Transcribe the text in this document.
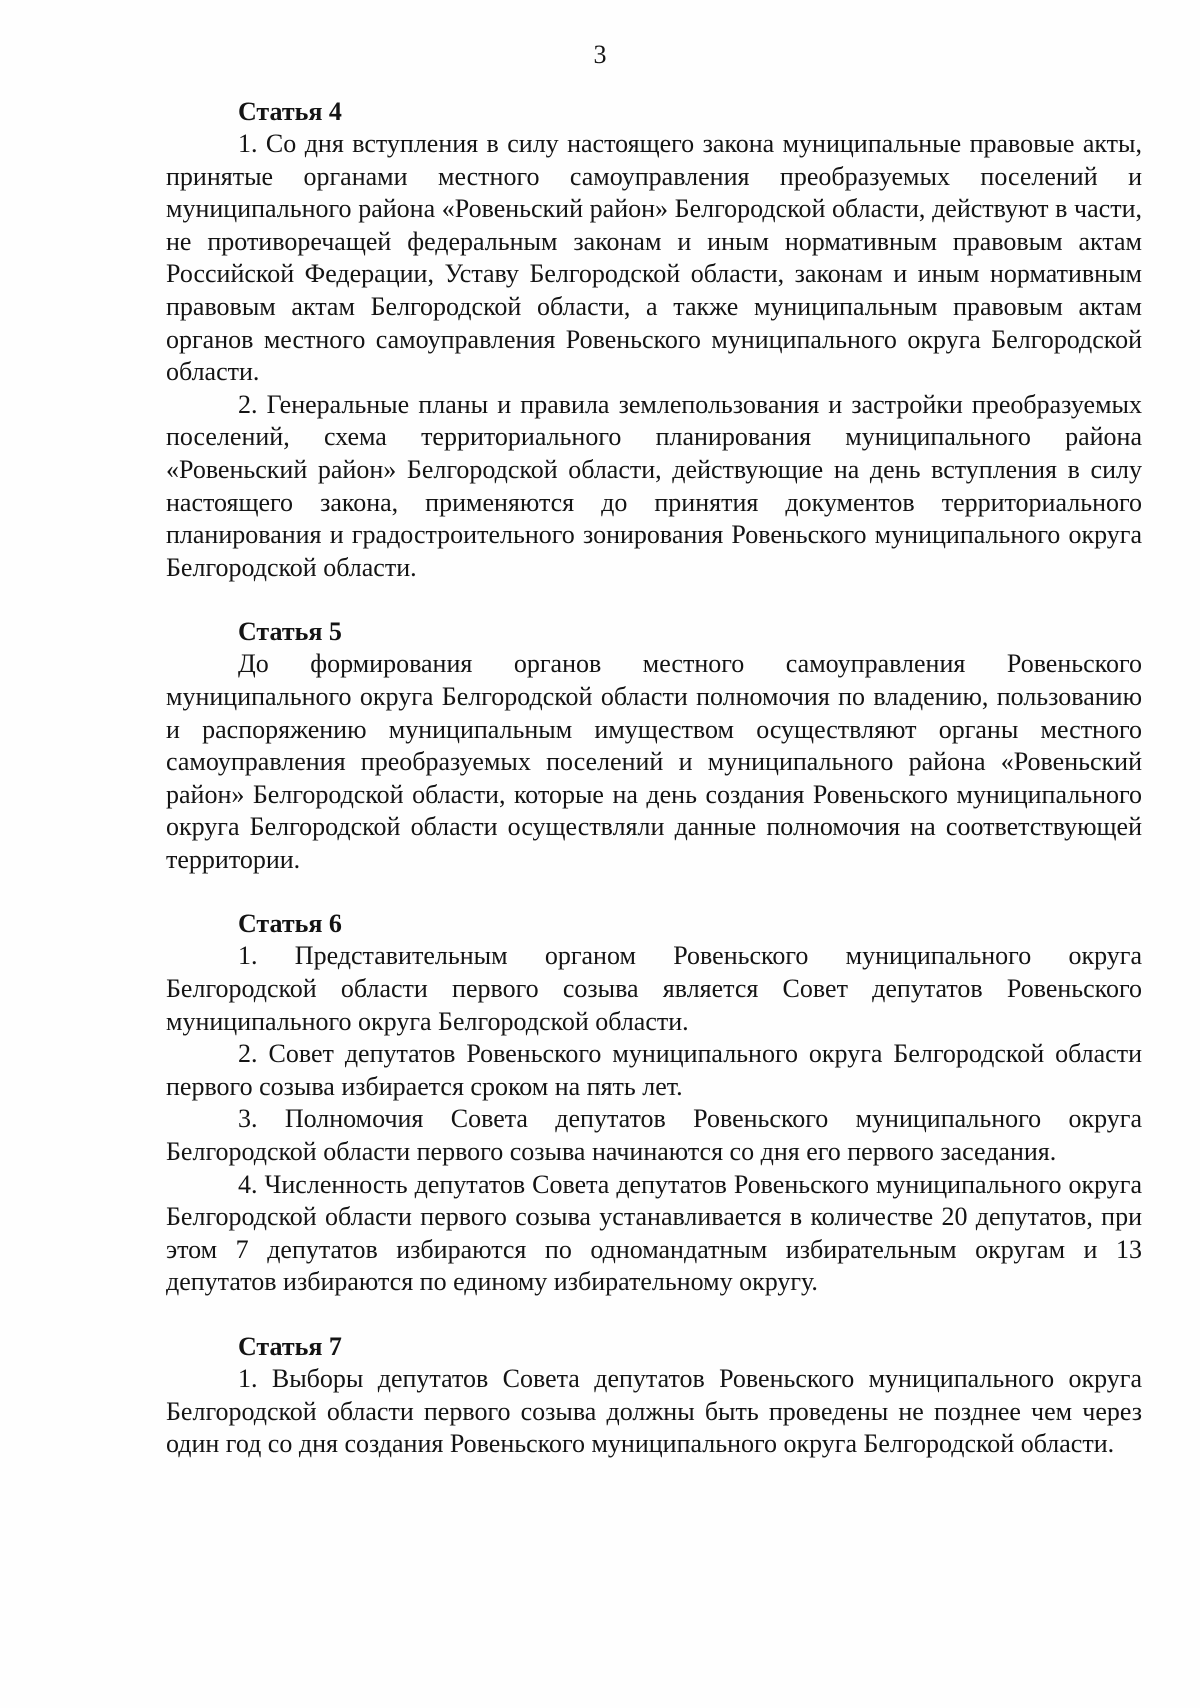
3
Статья 4

1. Со дня вступления в силу настоящего закона муниципальные правовые акты, принятые органами местного самоуправления преобразуемых поселений и муниципального района «Ровеньский район» Белгородской области, действуют в части, не противоречащей федеральным законам и иным нормативным правовым актам Российской Федерации, Уставу Белгородской области, законам и иным нормативным правовым актам Белгородской области, а также муниципальным правовым актам органов местного самоуправления Ровеньского муниципального округа Белгородской области.

2. Генеральные планы и правила землепользования и застройки преобразуемых поселений, схема территориального планирования муниципального района «Ровеньский район» Белгородской области, действующие на день вступления в силу настоящего закона, применяются до принятия документов территориального планирования и градостроительного зонирования Ровеньского муниципального округа Белгородской области.

Статья 5

До формирования органов местного самоуправления Ровеньского муниципального округа Белгородской области полномочия по владению, пользованию и распоряжению муниципальным имуществом осуществляют органы местного самоуправления преобразуемых поселений и муниципального района «Ровеньский район» Белгородской области, которые на день создания Ровеньского муниципального округа Белгородской области осуществляли данные полномочия на соответствующей территории.

Статья 6

1. Представительным органом Ровеньского муниципального округа Белгородской области первого созыва является Совет депутатов Ровеньского муниципального округа Белгородской области.

2. Совет депутатов Ровеньского муниципального округа Белгородской области первого созыва избирается сроком на пять лет.

3. Полномочия Совета депутатов Ровеньского муниципального округа Белгородской области первого созыва начинаются со дня его первого заседания.

4. Численность депутатов Совета депутатов Ровеньского муниципального округа Белгородской области первого созыва устанавливается в количестве 20 депутатов, при этом 7 депутатов избираются по одномандатным избирательным округам и 13 депутатов избираются по единому избирательному округу.

Статья 7

1. Выборы депутатов Совета депутатов Ровеньского муниципального округа Белгородской области первого созыва должны быть проведены не позднее чем через один год со дня создания Ровеньского муниципального округа Белгородской области.
